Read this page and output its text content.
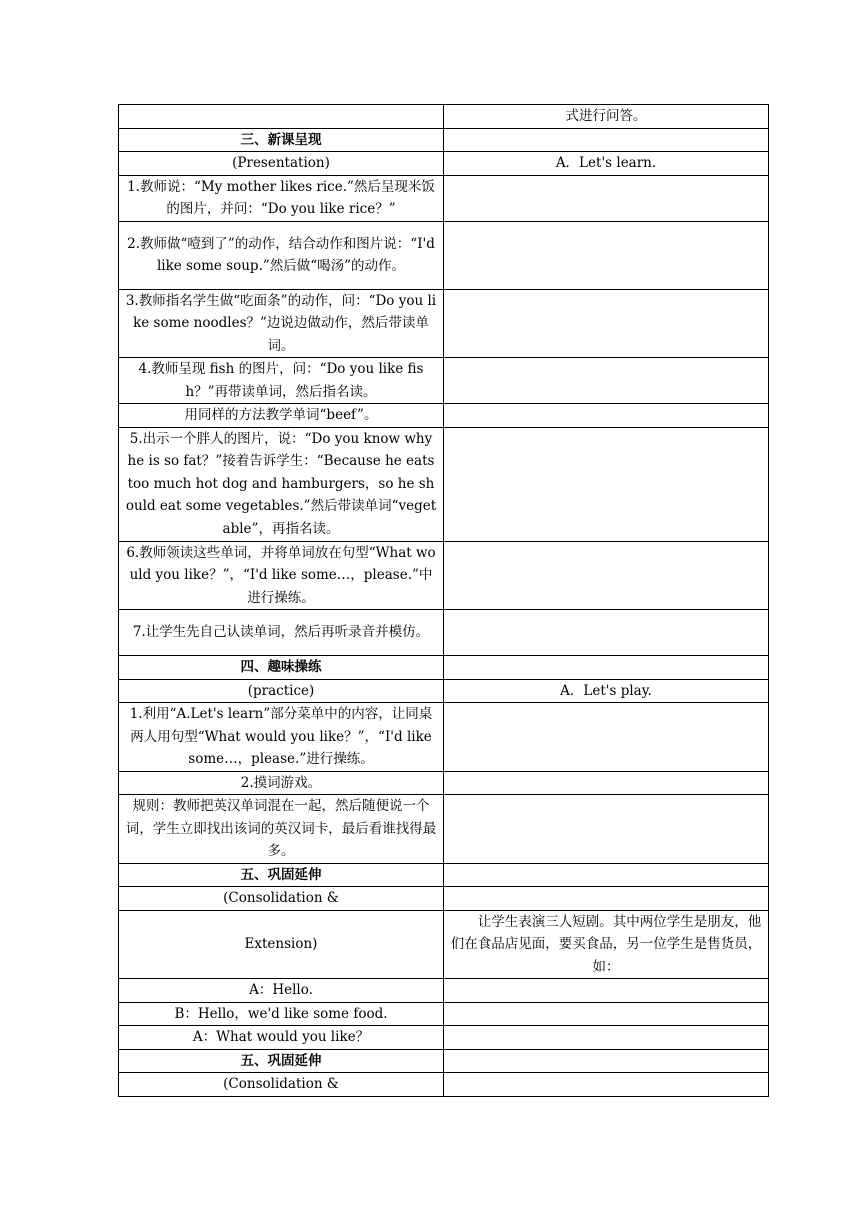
	式进行问答。
三、新课呈现	
(Presentation)	A．Let's learn.
1.教师说：“My mother likes rice.”然后呈现米饭的图片，并问：“Do you like rice？”	
2.教师做“噎到了”的动作，结合动作和图片说：“I'd like some soup.”然后做“喝汤”的动作。	
3.教师指名学生做“吃面条”的动作，问：“Do you like some noodles？”边说边做动作，然后带读单词。	
4.教师呈现 fish 的图片，问：“Do you like fish？”再带读单词，然后指名读。	
用同样的方法教学单词“beef”。	
5.出示一个胖人的图片，说：“Do you know why he is so fat？”接着告诉学生：“Because he eats too much hot dog and hamburgers，so he should eat some vegetables.”然后带读单词“vegetable”，再指名读。	
6.教师领读这些单词，并将单词放在句型“What would you like？”，“I'd like some…，please.”中进行操练。	
7.让学生先自己认读单词，然后再听录音并模仿。	
四、趣味操练	
(practice)	A．Let's play.
1.利用“A.Let's learn”部分菜单中的内容，让同桌两人用句型“What would you like？”，“I'd like some…，please.”进行操练。	
2.摸词游戏。	
规则：教师把英汉单词混在一起，然后随便说一个词，学生立即找出该词的英汉词卡，最后看谁找得最多。	
五、巩固延伸	
(Consolidation &	
Extension)	让学生表演三人短剧。其中两位学生是朋友，他们在食品店见面，要买食品，另一位学生是售货员，如：
A：Hello.	
B：Hello，we'd like some food.	
A：What would you like？	
五、巩固延伸	
(Consolidation &	
